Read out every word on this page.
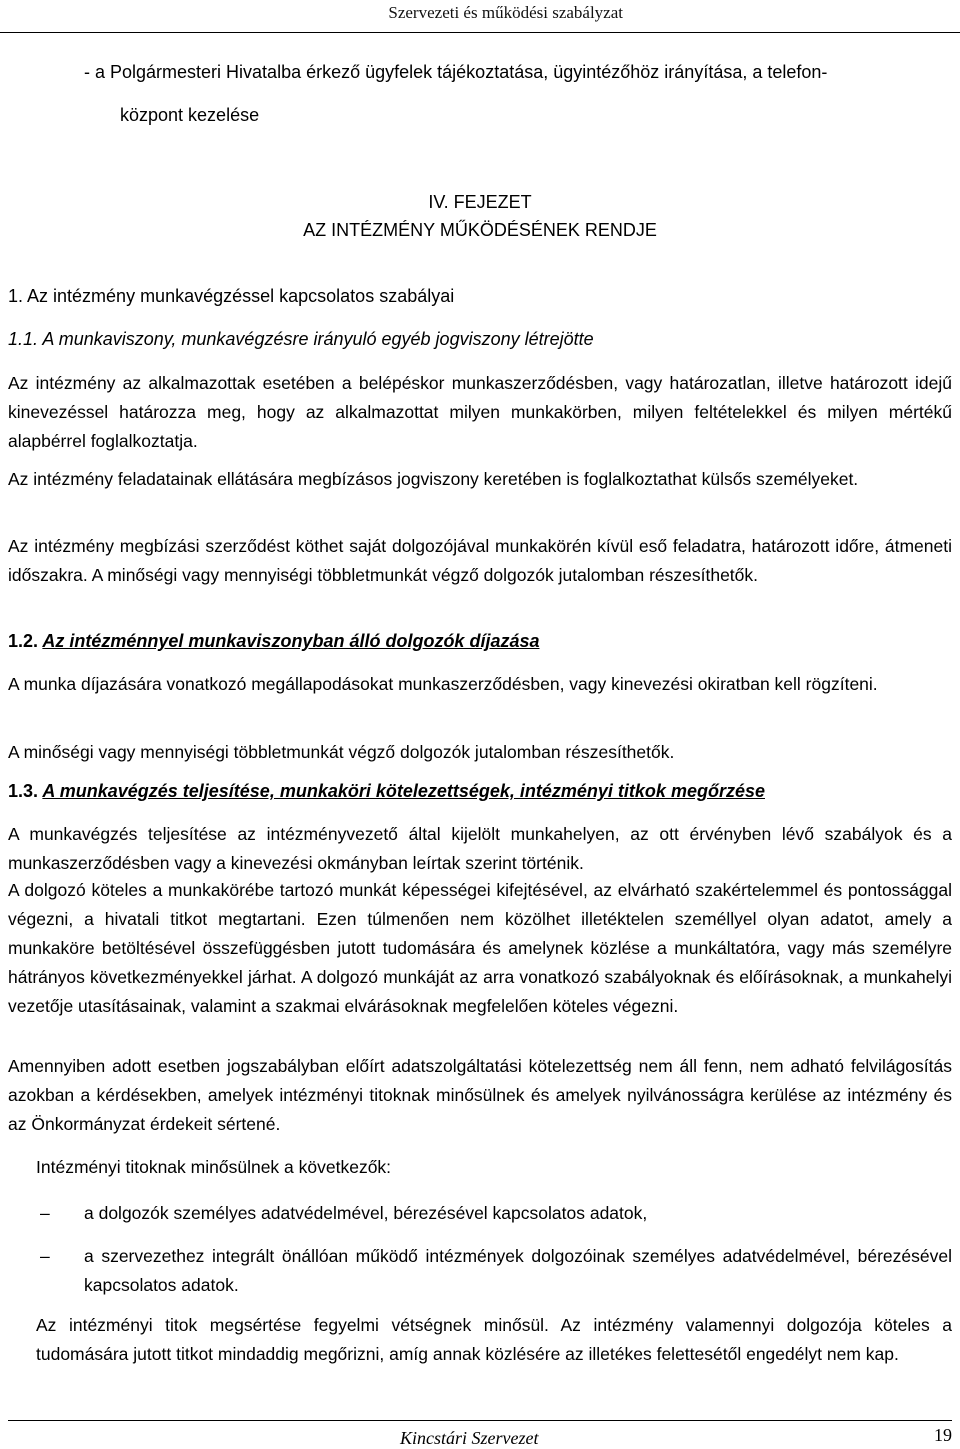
Szervezeti és működési szabályzat
- a Polgármesteri Hivatalba érkező ügyfelek tájékoztatása, ügyintézőhöz irányítása, a telefon-
központ kezelése
IV. FEJEZET
AZ INTÉZMÉNY MŰKÖDÉSÉNEK RENDJE
1. Az intézmény munkavégzéssel kapcsolatos szabályai
1.1. A munkaviszony, munkavégzésre irányuló egyéb jogviszony létrejötte
Az intézmény az alkalmazottak esetében a belépéskor munkaszerződésben, vagy határozatlan, illetve határozott idejű kinevezéssel határozza meg, hogy az alkalmazottat milyen munkakörben, milyen feltételekkel és milyen mértékű alapbérrel foglalkoztatja.
Az intézmény feladatainak ellátására megbízásos jogviszony keretében is foglalkoztathat külsős személyeket.
Az intézmény megbízási szerződést köthet saját dolgozójával munkakörén kívül eső feladatra, határozott időre, átmeneti időszakra. A minőségi vagy mennyiségi többletmunkát végző dolgozók jutalomban részesíthetők.
1.2. Az intézménnyel munkaviszonyban álló dolgozók díjazása
A munka díjazására vonatkozó megállapodásokat munkaszerződésben, vagy kinevezési okiratban kell rögzíteni.
A minőségi vagy mennyiségi többletmunkát végző dolgozók jutalomban részesíthetők.
1.3. A munkavégzés teljesítése, munkaköri kötelezettségek, intézményi titkok megőrzése
A munkavégzés teljesítése az intézményvezető által kijelölt munkahelyen, az ott érvényben lévő szabályok és a munkaszerződésben vagy a kinevezési okmányban leírtak szerint történik.
A dolgozó köteles a munkakörébe tartozó munkát képességei kifejtésével, az elvárható szakértelemmel és pontossággal végezni, a hivatali titkot megtartani. Ezen túlmenően nem közölhet illetéktelen személlyel olyan adatot, amely a munkaköre betöltésével összefüggésben jutott tudomására és amelynek közlése a munkáltatóra, vagy más személyre hátrányos következményekkel járhat. A dolgozó munkáját az arra vonatkozó szabályoknak és előírásoknak, a munkahelyi vezetője utasításainak, valamint a szakmai elvárásoknak megfelelően köteles végezni.
Amennyiben adott esetben jogszabályban előírt adatszolgáltatási kötelezettség nem áll fenn, nem adható felvilágosítás azokban a kérdésekben, amelyek intézményi titoknak minősülnek és amelyek nyilvánosságra kerülése az intézmény és az Önkormányzat érdekeit sértené.
Intézményi titoknak minősülnek a következők:
– a dolgozók személyes adatvédelmével, bérezésével kapcsolatos adatok,
– a szervezethez integrált önállóan működő intézmények dolgozóinak személyes adatvédelmével, bérezésével kapcsolatos adatok.
Az intézményi titok megsértése fegyelmi vétségnek minősül. Az intézmény valamennyi dolgozója köteles a tudomására jutott titkot mindaddig megőrizni, amíg annak közlésére az illetékes felettesétől engedélyt nem kap.
Kincstári Szervezet	19
